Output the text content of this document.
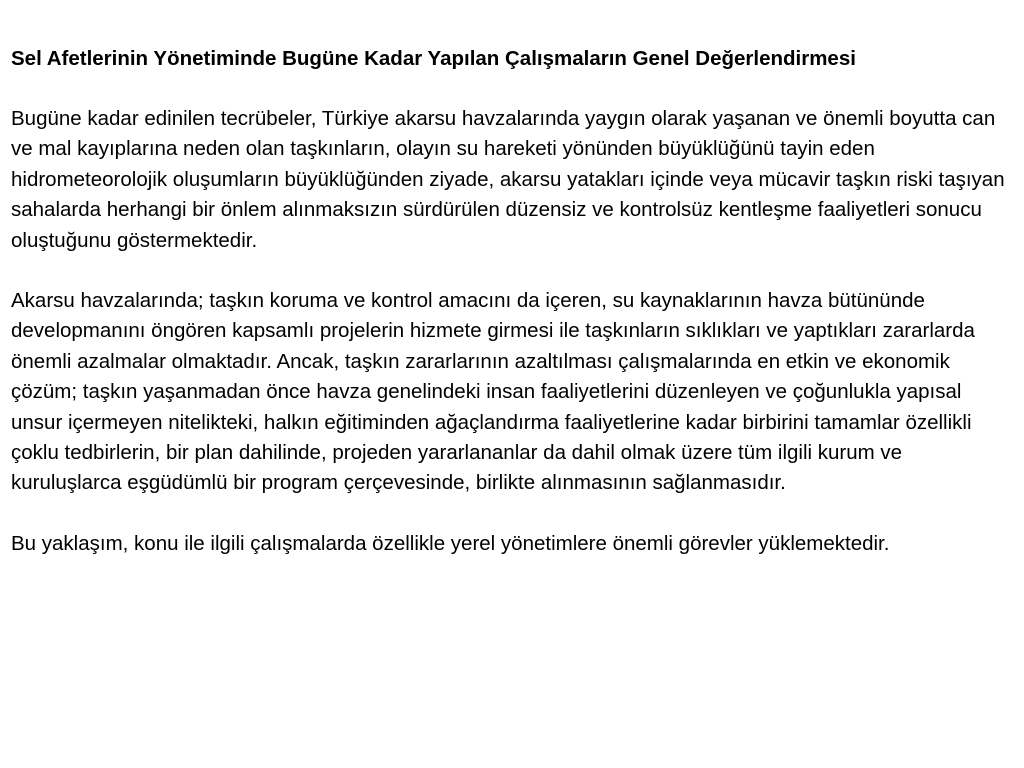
Sel Afetlerinin Yönetiminde Bugüne Kadar Yapılan Çalışmaların Genel Değerlendirmesi

Bugüne kadar edinilen tecrübeler, Türkiye akarsu havzalarında yaygın olarak yaşanan ve önemli boyutta can ve mal kayıplarına neden olan taşkınların, olayın su hareketi yönünden büyüklüğünü tayin eden hidrometeorolojik oluşumların büyüklüğünden ziyade, akarsu yatakları içinde veya mücavir taşkın riski taşıyan sahalarda herhangi bir önlem alınmaksızın sürdürülen düzensiz ve kontrolsüz kentleşme faaliyetleri sonucu oluştuğunu göstermektedir.

Akarsu havzalarında; taşkın koruma ve kontrol amacını da içeren, su kaynaklarının havza bütününde developmanını öngören kapsamlı projelerin hizmete girmesi ile taşkınların sıklıkları ve yaptıkları zararlarda önemli azalmalar olmaktadır. Ancak, taşkın zararlarının azaltılması çalışmalarında en etkin ve ekonomik çözüm; taşkın yaşanmadan önce havza genelindeki insan faaliyetlerini düzenleyen ve çoğunlukla yapısal unsur içermeyen nitelikteki, halkın eğitiminden ağaçlandırma faaliyetlerine kadar birbirini tamamlar özellikli çoklu tedbirlerin, bir plan dahilinde, projeden yararlananlar da dahil olmak üzere tüm ilgili kurum ve kuruluşlarca eşgüdümlü bir program çerçevesinde, birlikte alınmasının sağlanmasıdır.

Bu yaklaşım, konu ile ilgili çalışmalarda özellikle yerel yönetimlere önemli görevler yüklemektedir.
